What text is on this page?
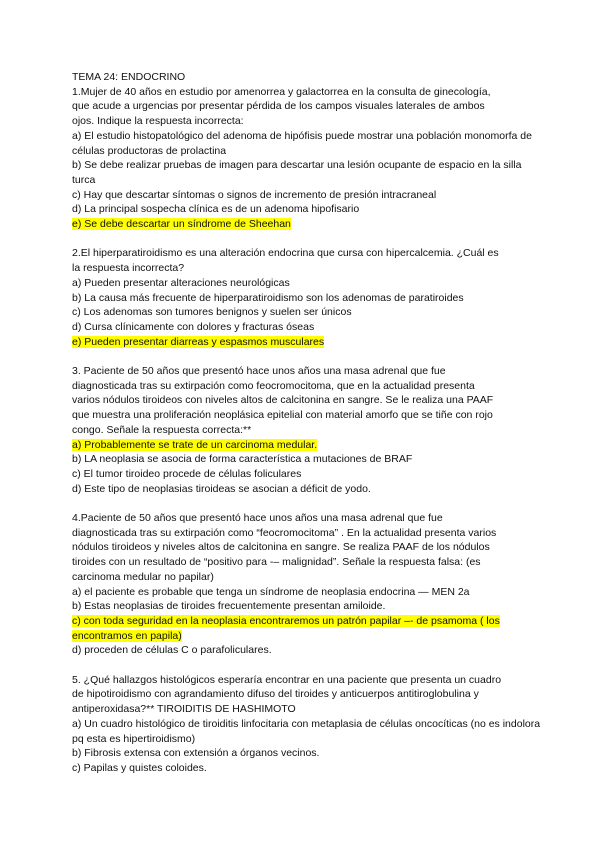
TEMA 24: ENDOCRINO
1.Mujer de 40 años en estudio por amenorrea y galactorrea en la consulta de ginecología,
que acude a urgencias por presentar pérdida de los campos visuales laterales de ambos
ojos. Indique la respuesta incorrecta:
a) El estudio histopatológico del adenoma de hipófisis puede mostrar una población monomorfa de células productoras de prolactina
b) Se debe realizar pruebas de imagen para descartar una lesión ocupante de espacio en la silla turca
c) Hay que descartar síntomas o signos de incremento de presión intracraneal
d) La principal sospecha clínica es de un adenoma hipofisario
e) Se debe descartar un síndrome de Sheehan
2.El hiperparatiroidismo es una alteración endocrina que cursa con hipercalcemia. ¿Cuál es
la respuesta incorrecta?
a) Pueden presentar alteraciones neurológicas
b) La causa más frecuente de hiperparatiroidismo son los adenomas de paratiroides
c) Los adenomas son tumores benignos y suelen ser únicos
d) Cursa clínicamente con dolores y fracturas óseas
e) Pueden presentar diarreas y espasmos musculares
3. Paciente de 50 años que presentó hace unos años una masa adrenal que fue
diagnosticada tras su extirpación como feocromocitoma, que en la actualidad presenta
varios nódulos tiroideos con niveles altos de calcitonina en sangre. Se le realiza una PAAF
que muestra una proliferación neoplásica epitelial con material amorfo que se tiñe con rojo
congo. Señale la respuesta correcta:**
a) Probablemente se trate de un carcinoma medular.
b) LA neoplasia se asocia de forma característica a mutaciones de BRAF
c) El tumor tiroideo procede de células foliculares
d) Este tipo de neoplasias tiroideas se asocian a déficit de yodo.
4.Paciente de 50 años que presentó hace unos años una masa adrenal que fue
diagnosticada tras su extirpación como “feocromocitoma” . En la actualidad presenta varios
nódulos tiroideos y niveles altos de calcitonina en sangre. Se realiza PAAF de los nódulos
tiroides con un resultado de “positivo para -– malignidad”. Señale la respuesta falsa: (es
carcinoma medular no papilar)
a) el paciente es probable que tenga un síndrome de neoplasia endocrina — MEN 2a
b) Estas neoplasias de tiroides frecuentemente presentan amiloide.
c) con toda seguridad en la neoplasia encontraremos un patrón papilar –- de psamoma ( los encontramos en papila)
d) proceden de células C o parafoliculares.
5. ¿Qué hallazgos histológicos esperaría encontrar en una paciente que presenta un cuadro
de hipotiroidismo con agrandamiento difuso del tiroides y anticuerpos antitiroglobulina y
antiperoxidasa?** TIROIDITIS DE HASHIMOTO
a) Un cuadro histológico de tiroiditis linfocitaria con metaplasia de células oncocíticas (no es indolora pq esta es hipertiroidismo)
b) Fibrosis extensa con extensión a órganos vecinos.
c) Papilas y quistes coloides.
